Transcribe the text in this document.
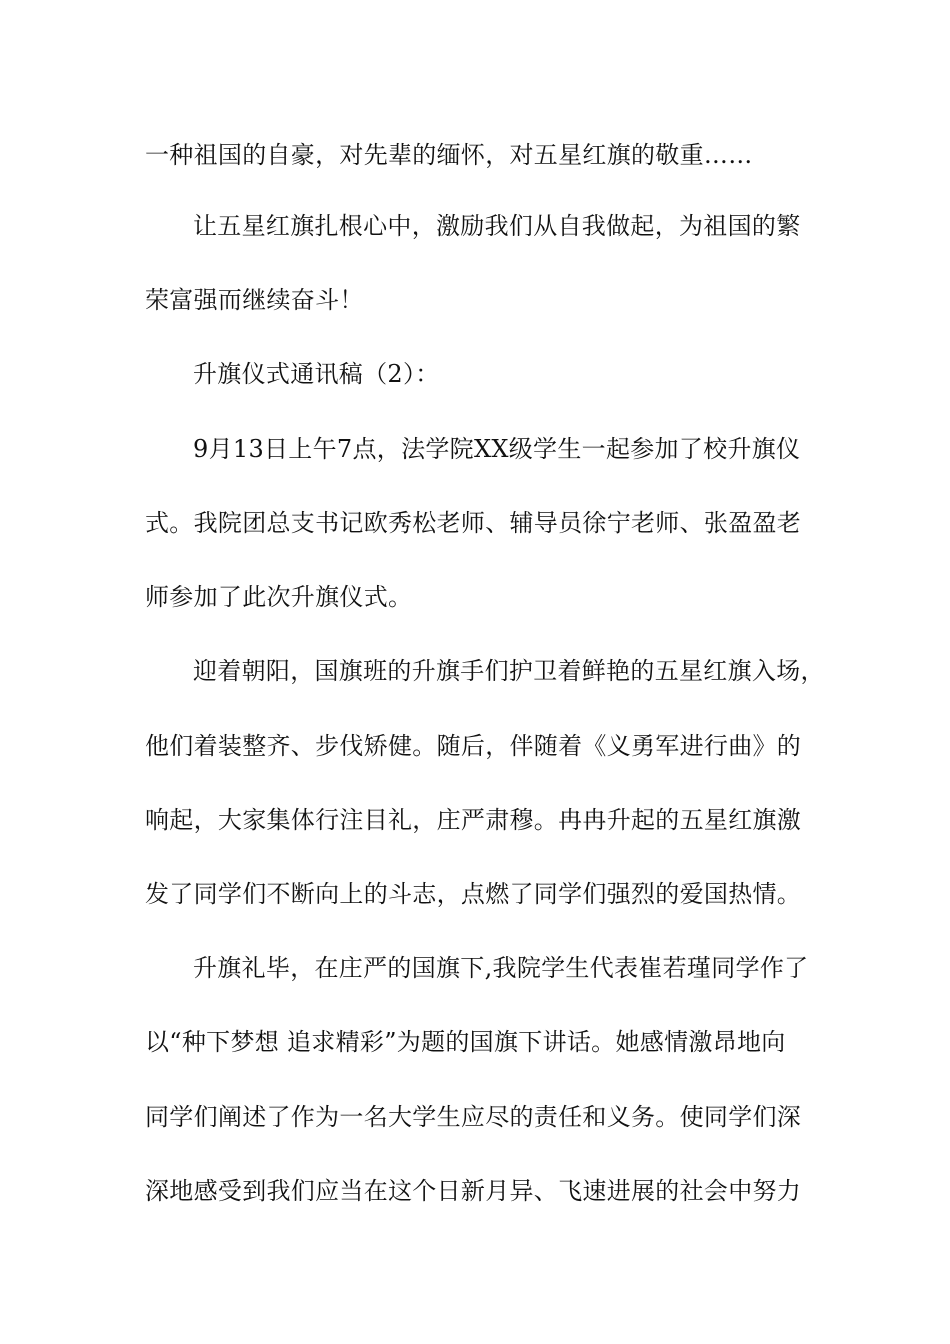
一种祖国的自豪，对先辈的缅怀，对五星红旗的敬重……
让五星红旗扎根心中，激励我们从自我做起，为祖国的繁
荣富强而继续奋斗！
升旗仪式通讯稿（2）：
9月13日上午7点，法学院XX级学生一起参加了校升旗仪
式。我院团总支书记欧秀松老师、辅导员徐宁老师、张盈盈老
师参加了此次升旗仪式。
迎着朝阳，国旗班的升旗手们护卫着鲜艳的五星红旗入场，
他们着装整齐、步伐矫健。随后，伴随着《义勇军进行曲》的
响起，大家集体行注目礼，庄严肃穆。冉冉升起的五星红旗激
发了同学们不断向上的斗志，点燃了同学们强烈的爱国热情。
升旗礼毕，在庄严的国旗下,我院学生代表崔若瑾同学作了
以“种下梦想 追求精彩”为题的国旗下讲话。她感情激昂地向
同学们阐述了作为一名大学生应尽的责任和义务。使同学们深
深地感受到我们应当在这个日新月异、飞速进展的社会中努力
